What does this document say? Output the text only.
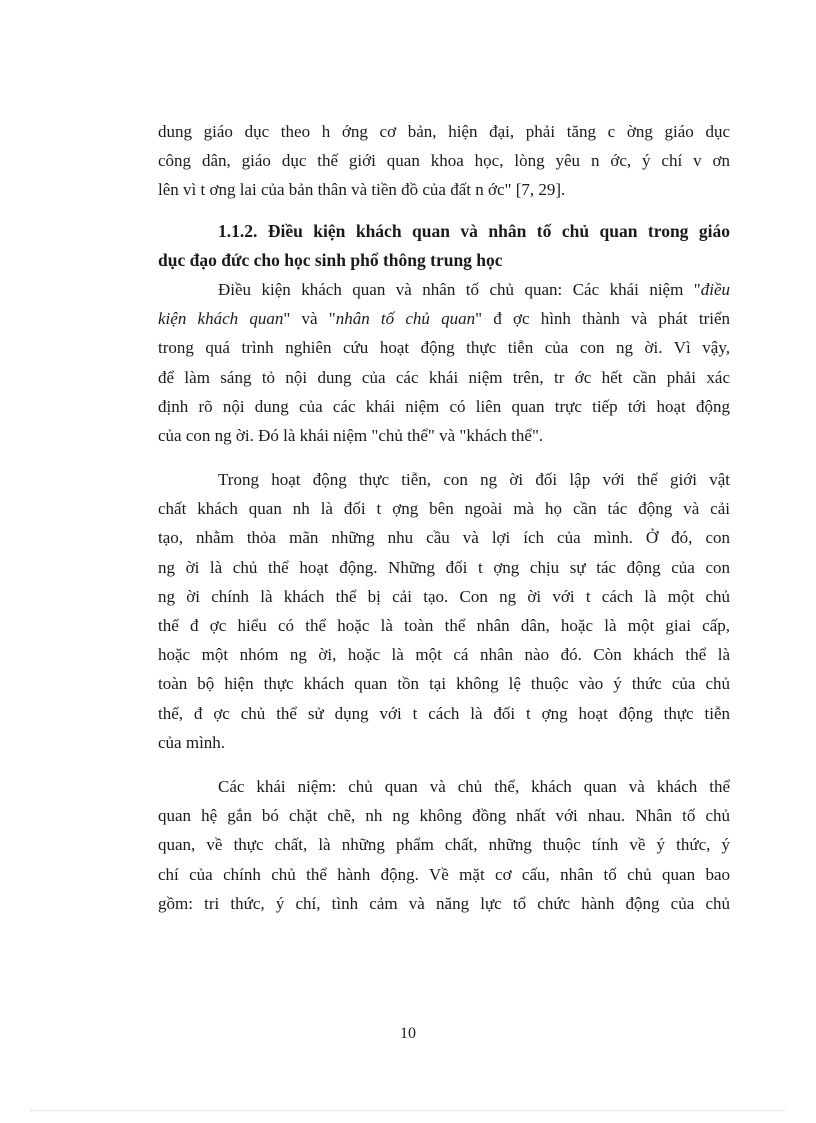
dung giáo dục theo h ớng cơ bản, hiện đại, phải tăng c ờng giáo dục
công dân, giáo dục thế giới quan khoa học, lòng yêu n ớc, ý chí v ơn
lên vì t ơng lai của bản thân và tiền đồ của đất n ớc" [7, 29].
1.1.2. Điều kiện khách quan và nhân tố chủ quan trong giáo
dục đạo đức cho học sinh phổ thông trung học
Điều kiện khách quan và nhân tố chủ quan: Các khái niệm "điều
kiện khách quan" và "nhân tố chủ quan" đ ợc hình thành và phát triển
trong quá trình nghiên cứu hoạt động thực tiễn của con ng ời. Vì vậy,
để làm sáng tỏ nội dung của các khái niệm trên, tr ớc hết cần phải xác
định rõ nội dung của các khái niệm có liên quan trực tiếp tới hoạt động
của con ng ời. Đó là khái niệm "chủ thể" và "khách thể".
Trong hoạt động thực tiễn, con ng ời đối lập với thế giới vật
chất khách quan nh là đối t ợng bên ngoài mà họ cần tác động và cải
tạo, nhằm thỏa mãn những nhu cầu và lợi ích của mình. Ở đó, con
ng ời là chủ thể hoạt động. Những đối t ợng chịu sự tác động của con
ng ời chính là khách thể bị cải tạo. Con ng ời với t cách là một chủ
thể đ ợc hiểu có thể hoặc là toàn thể nhân dân, hoặc là một giai cấp,
hoặc một nhóm ng ời, hoặc là một cá nhân nào đó. Còn khách thể là
toàn bộ hiện thực khách quan tồn tại không lệ thuộc vào ý thức của chủ
thể, đ ợc chủ thể sử dụng với t cách là đối t ợng hoạt động thực tiễn
của mình.
Các khái niệm: chủ quan và chủ thể, khách quan và khách thể
quan hệ gắn bó chặt chẽ, nh ng không đồng nhất với nhau. Nhân tố chủ
quan, về thực chất, là những phẩm chất, những thuộc tính về ý thức, ý
chí của chính chủ thể hành động. Về mặt cơ cấu, nhân tố chủ quan bao
gồm: tri thức, ý chí, tình cảm và năng lực tổ chức hành động của chủ
10
